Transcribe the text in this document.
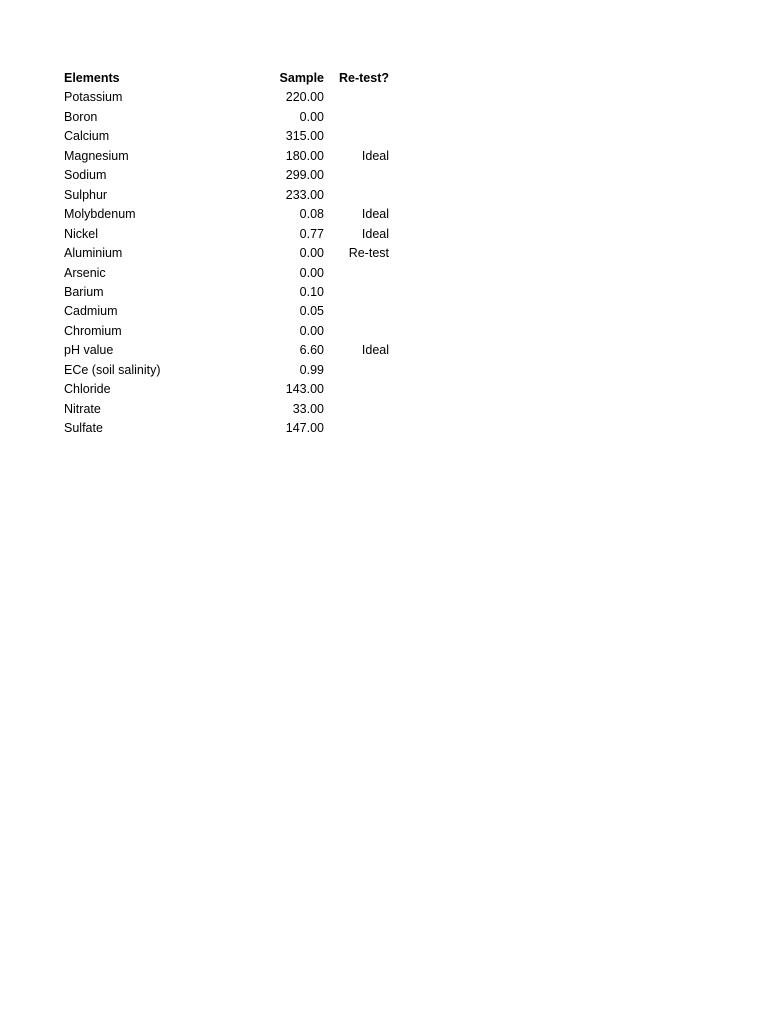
Elements	Sample	Re-test?
Potassium	220.00	
Boron	0.00	
Calcium	315.00	
Magnesium	180.00	Ideal
Sodium	299.00	
Sulphur	233.00	
Molybdenum	0.08	Ideal
Nickel	0.77	Ideal
Aluminium	0.00	Re-test
Arsenic	0.00	
Barium	0.10	
Cadmium	0.05	
Chromium	0.00	
pH value	6.60	Ideal
ECe (soil salinity)	0.99	
Chloride	143.00	
Nitrate	33.00	
Sulfate	147.00	
